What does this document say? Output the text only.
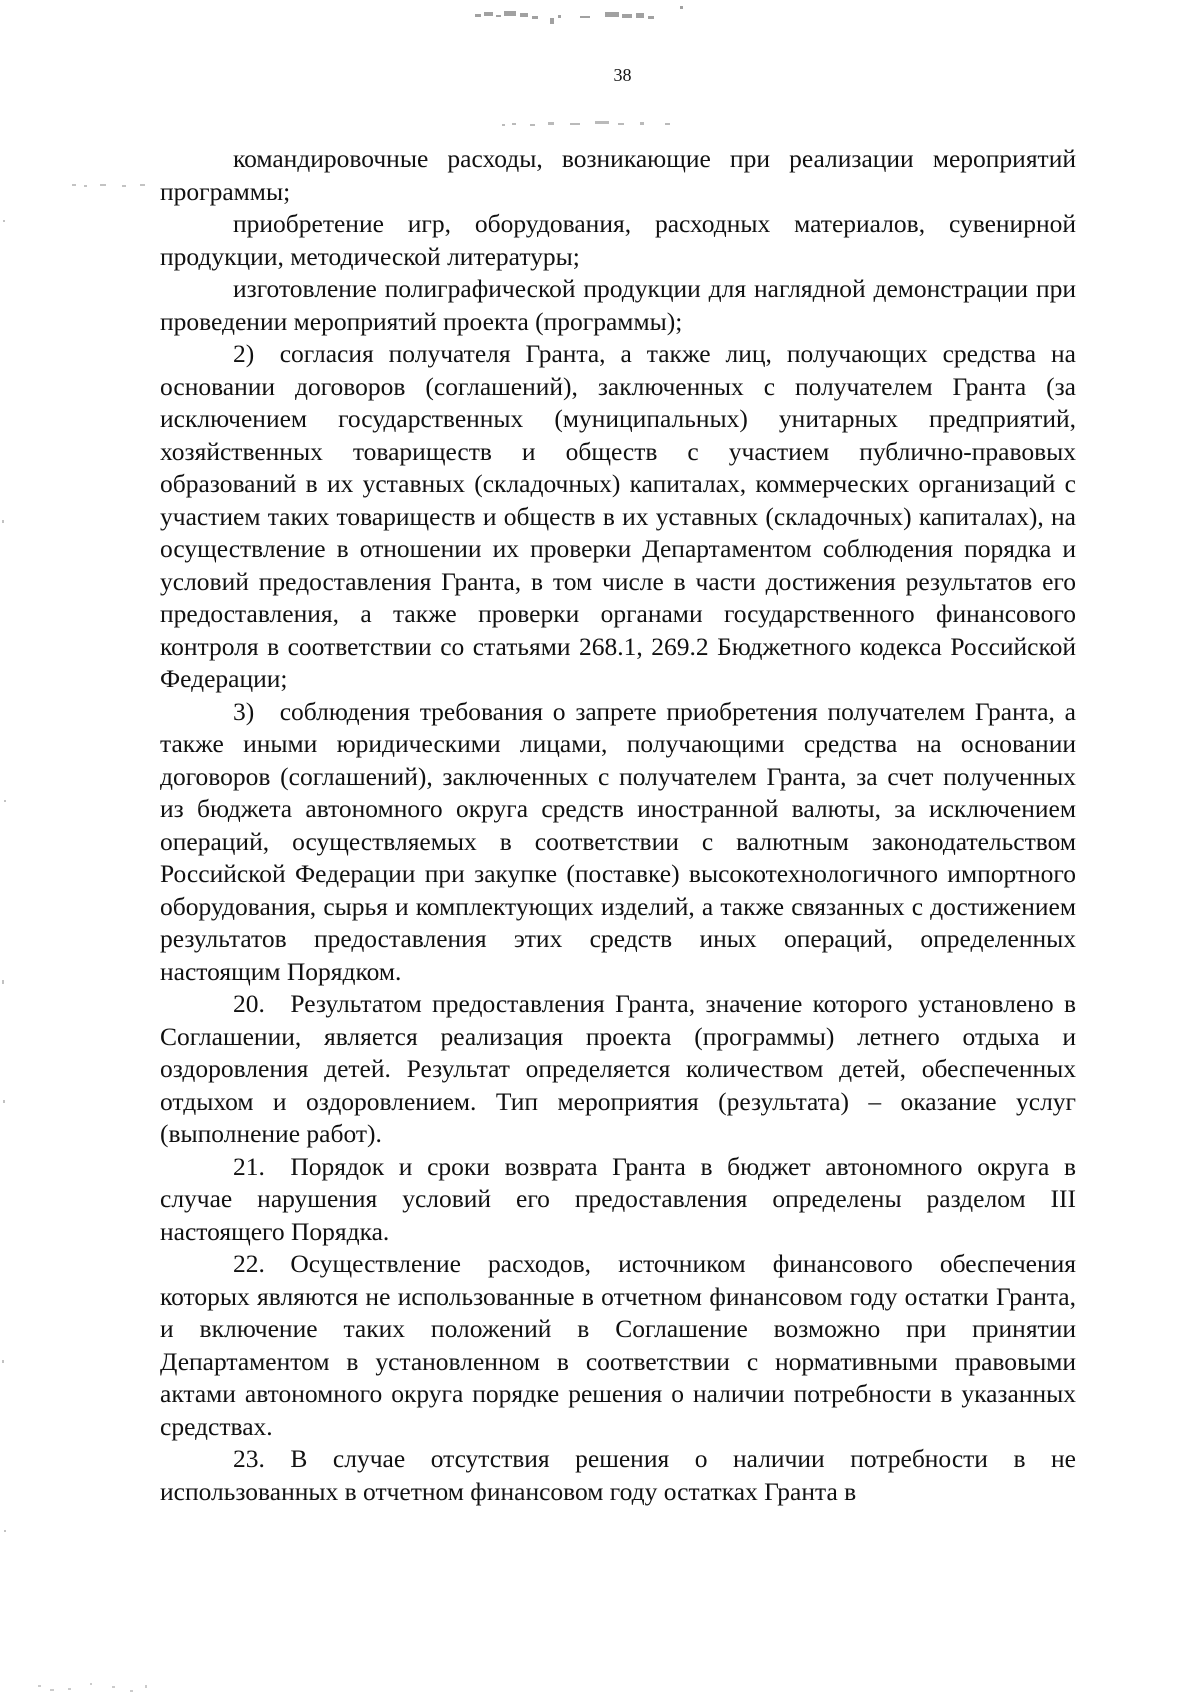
38

командировочные расходы, возникающие при реализации мероприятий программы;

приобретение игр, оборудования, расходных материалов, сувенирной продукции, методической литературы;

изготовление полиграфической продукции для наглядной демонстрации при проведении мероприятий проекта (программы);

2) согласия получателя Гранта, а также лиц, получающих средства на основании договоров (соглашений), заключенных с получателем Гранта (за исключением государственных (муниципальных) унитарных предприятий, хозяйственных товариществ и обществ с участием публично-правовых образований в их уставных (складочных) капиталах, коммерческих организаций с участием таких товариществ и обществ в их уставных (складочных) капиталах), на осуществление в отношении их проверки Департаментом соблюдения порядка и условий предоставления Гранта, в том числе в части достижения результатов его предоставления, а также проверки органами государственного финансового контроля в соответствии со статьями 268.1, 269.2 Бюджетного кодекса Российской Федерации;

3) соблюдения требования о запрете приобретения получателем Гранта, а также иными юридическими лицами, получающими средства на основании договоров (соглашений), заключенных с получателем Гранта, за счет полученных из бюджета автономного округа средств иностранной валюты, за исключением операций, осуществляемых в соответствии с валютным законодательством Российской Федерации при закупке (поставке) высокотехнологичного импортного оборудования, сырья и комплектующих изделий, а также связанных с достижением результатов предоставления этих средств иных операций, определенных настоящим Порядком.

20. Результатом предоставления Гранта, значение которого установлено в Соглашении, является реализация проекта (программы) летнего отдыха и оздоровления детей. Результат определяется количеством детей, обеспеченных отдыхом и оздоровлением. Тип мероприятия (результата) – оказание услуг (выполнение работ).

21. Порядок и сроки возврата Гранта в бюджет автономного округа в случае нарушения условий его предоставления определены разделом III настоящего Порядка.

22. Осуществление расходов, источником финансового обеспечения которых являются не использованные в отчетном финансовом году остатки Гранта, и включение таких положений в Соглашение возможно при принятии Департаментом в установленном в соответствии с нормативными правовыми актами автономного округа порядке решения о наличии потребности в указанных средствах.

23. В случае отсутствия решения о наличии потребности в не использованных в отчетном финансовом году остатках Гранта в
